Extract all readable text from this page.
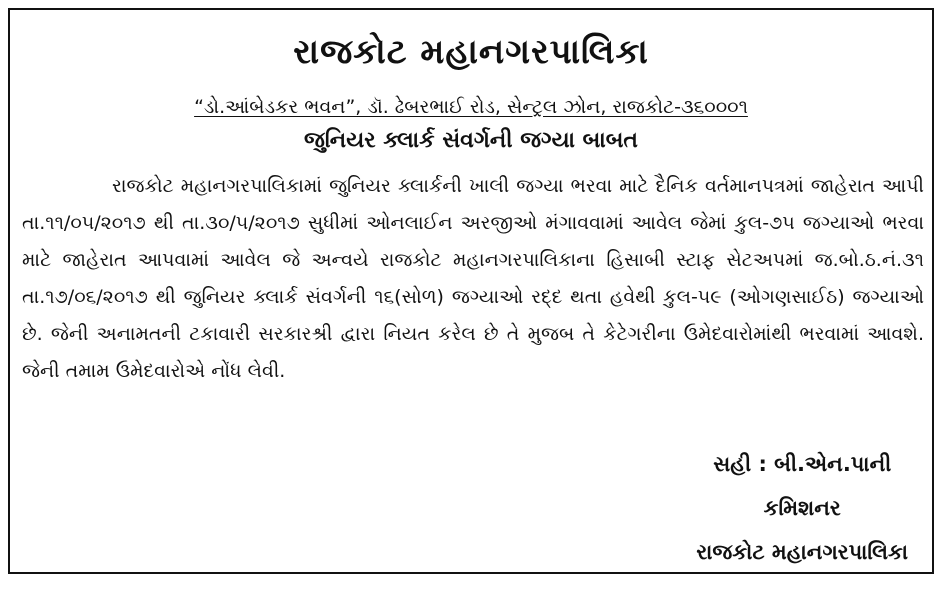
રાજકોટ મહાનગરપાલિકા

“ડો.આંબેડકર ભવન”, ડૉ. ઢેબરભાઈ રોડ, સેન્ટ્રલ ઝોન, રાજકોટ-૩૬૦૦૦૧

જુનિયર ક્લાર્ક સંવર્ગની જગ્યા બાબત

રાજકોટ મહાનગરપાલિકામાં જુનિયર ક્લાર્કની ખાલી જગ્યા ભરવા માટે દૈનિક વર્તમાનપત્રમાં જાહેરાત આપી તા.૧૧/૦૫/૨૦૧૭ થી તા.૩૦/૫/૨૦૧૭ સુધીમાં ઓનલાઈન અરજીઓ મંગાવવામાં આવેલ જેમાં કુલ-૭૫ જગ્યાઓ ભરવા માટે જાહેરાત આપવામાં આવેલ જે અન્વયે રાજકોટ મહાનગરપાલિકાના હિસાબી સ્ટાફ સેટઅપમાં જ.બો.ઠ.નં.૩૧ તા.૧૭/૦૬/૨૦૧૭ થી જુનિયર ક્લાર્ક સંવર્ગની ૧૬(સોળ) જગ્યાઓ રદ્દ થતા હવેથી કુલ-૫૯ (ઓગણસાઈઠ) જગ્યાઓ છે. જેની અનામતની ટકાવારી સરકારશ્રી દ્વારા નિયત કરેલ છે તે મુજબ તે કેટેગરીના ઉમેદવારોમાંથી ભરવામાં આવશે. જેની તમામ ઉમેદવારોએ નોંધ લેવી.

સહી : બી.એન.પાની
કમિશનર
રાજકોટ મહાનગરપાલિકા
